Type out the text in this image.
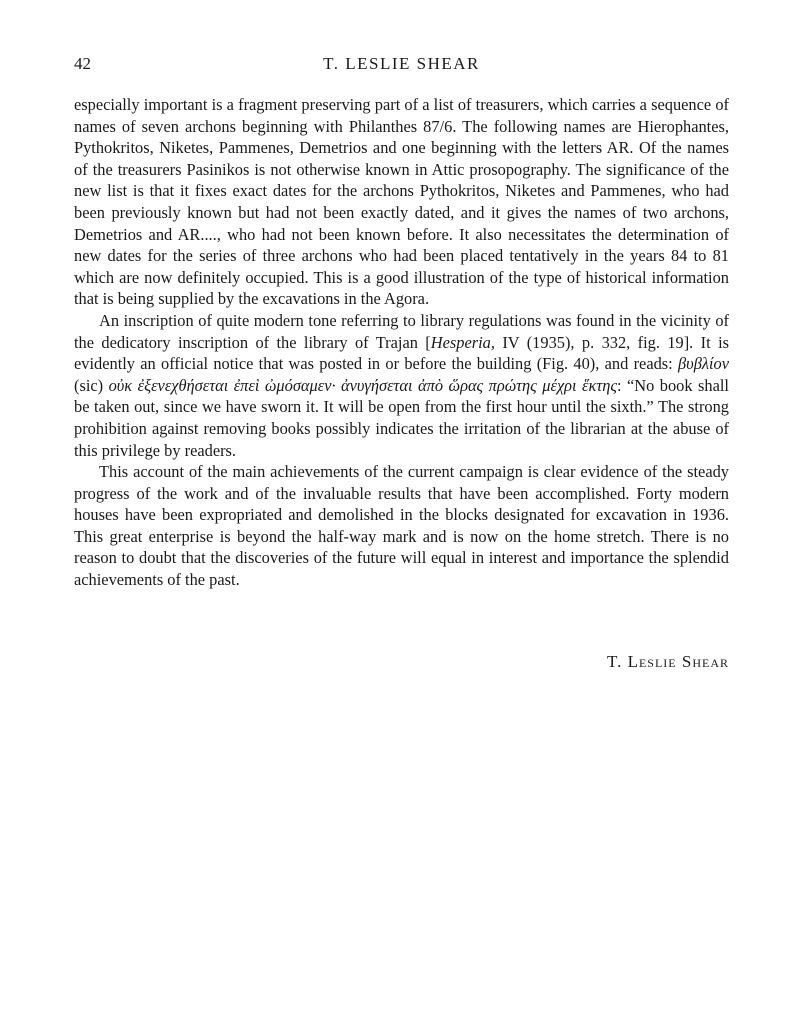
42	T. LESLIE SHEAR

especially important is a fragment preserving part of a list of treasurers, which carries a sequence of names of seven archons beginning with Philanthes 87/6. The following names are Hierophantes, Pythokritos, Niketes, Pammenes, Demetrios and one beginning with the letters AR. Of the names of the treasurers Pasinikos is not otherwise known in Attic prosopography. The significance of the new list is that it fixes exact dates for the archons Pythokritos, Niketes and Pammenes, who had been previously known but had not been exactly dated, and it gives the names of two archons, Demetrios and AR...., who had not been known before. It also necessitates the determination of new dates for the series of three archons who had been placed tentatively in the years 84 to 81 which are now definitely occupied. This is a good illustration of the type of historical information that is being supplied by the excavations in the Agora.

An inscription of quite modern tone referring to library regulations was found in the vicinity of the dedicatory inscription of the library of Trajan [Hesperia, IV (1935), p. 332, fig. 19]. It is evidently an official notice that was posted in or before the building (Fig. 40), and reads: βυβλίον (sic) οὐκ ἐξενεχθήσεται ἐπεὶ ὠμόσαμεν· ἀνυγήσεται ἀπὸ ὥρας πρώτης μέχρι ἕκτης: “No book shall be taken out, since we have sworn it. It will be open from the first hour until the sixth.” The strong prohibition against removing books possibly indicates the irritation of the librarian at the abuse of this privilege by readers.

This account of the main achievements of the current campaign is clear evidence of the steady progress of the work and of the invaluable results that have been accomplished. Forty modern houses have been expropriated and demolished in the blocks designated for excavation in 1936. This great enterprise is beyond the half-way mark and is now on the home stretch. There is no reason to doubt that the discoveries of the future will equal in interest and importance the splendid achievements of the past.

T. Leslie Shear
